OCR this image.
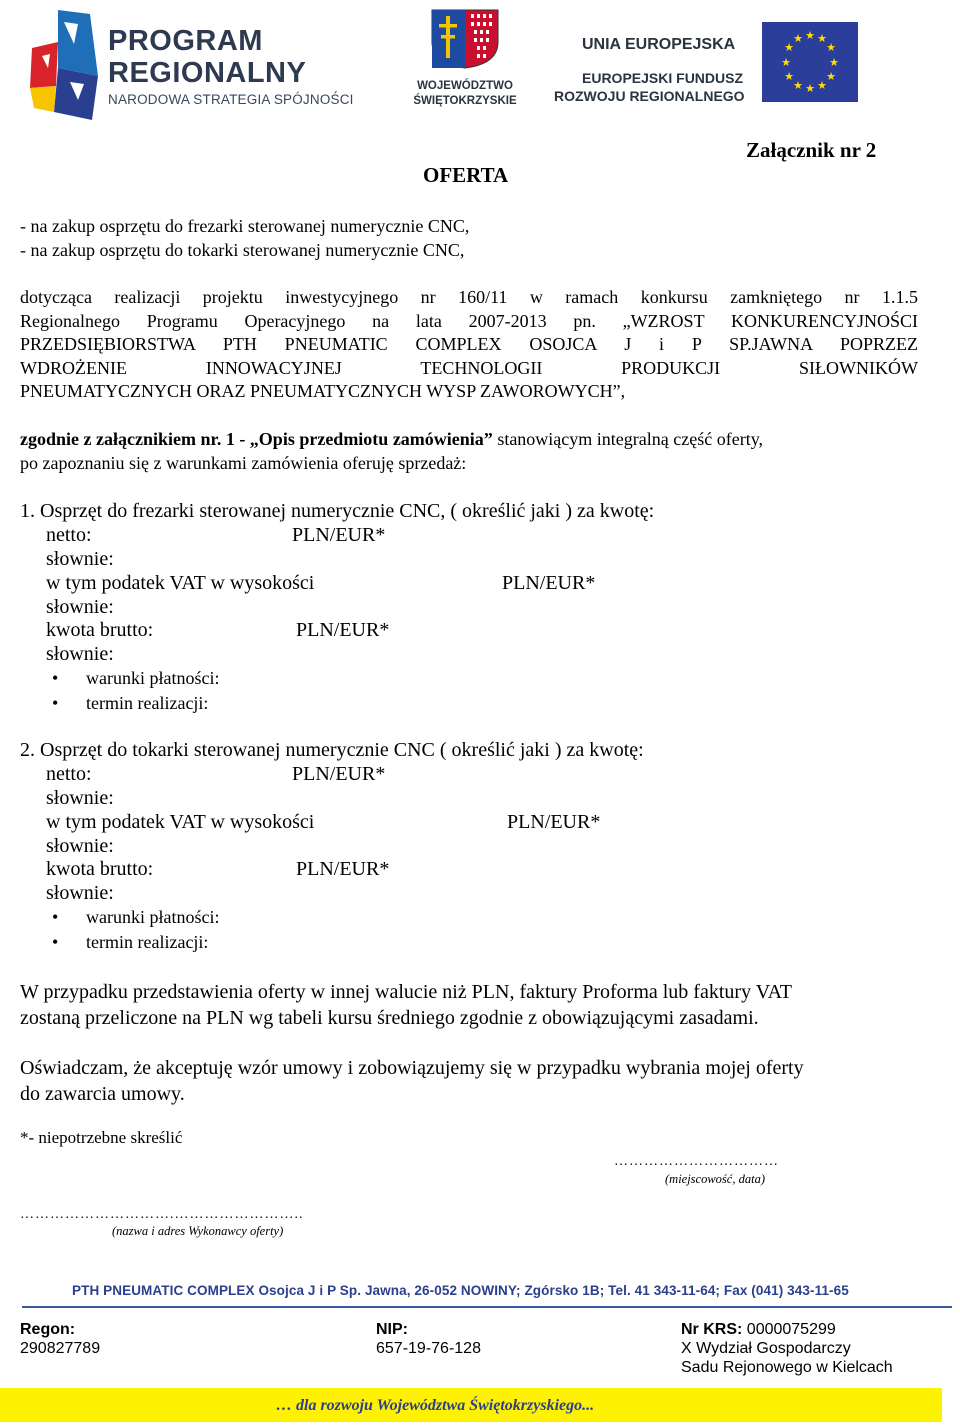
PROGRAM
REGIONALNY
NARODOWA STRATEGIA SPÓJNOŚCI
WOJEWÓDZTWO
ŚWIĘTOKRZYSKIE
UNIA EUROPEJSKA
EUROPEJSKI FUNDUSZ
ROZWOJU REGIONALNEGO
★ ★
★
★
★
★
★
★
★
★
★
★
Załącznik nr 2
OFERTA
- na zakup osprzętu do frezarki sterowanej numerycznie CNC,
- na zakup osprzętu do tokarki sterowanej numerycznie CNC,
dotycząca realizacji projektu inwestycyjnego nr 160/11 w ramach konkursu zamkniętego nr 1.1.5
Regionalnego Programu Operacyjnego na lata 2007-2013 pn. „WZROST KONKURENCYJNOŚCI
PRZEDSIĘBIORSTWA PTH PNEUMATIC COMPLEX OSOJCA J i P SP.JAWNA POPRZEZ
WDROŻENIE INNOWACYJNEJ TECHNOLOGII PRODUKCJI SIŁOWNIKÓW
PNEUMATYCZNYCH ORAZ PNEUMATYCZNYCH WYSP ZAWOROWYCH”,
zgodnie z załącznikiem nr. 1 - „Opis przedmiotu zamówienia” stanowiącym integralną część oferty,
po zapoznaniu się z warunkami zamówienia oferuję sprzedaż:
1. Osprzęt do frezarki sterowanej numerycznie CNC, ( określić jaki ) za kwotę:
netto:	PLN/EUR*
słownie:
w tym podatek VAT w wysokości	PLN/EUR*
słownie:
kwota brutto:	PLN/EUR*
słownie:
• warunki płatności:
• termin realizacji:
2. Osprzęt do tokarki sterowanej numerycznie CNC ( określić jaki ) za kwotę:
netto:	PLN/EUR*
słownie:
w tym podatek VAT w wysokości	PLN/EUR*
słownie:
kwota brutto:	PLN/EUR*
słownie:
• warunki płatności:
• termin realizacji:
W przypadku przedstawienia oferty w innej walucie niż PLN, faktury Proforma lub faktury VAT
zostaną przeliczone na PLN wg tabeli kursu średniego zgodnie z obowiązującymi zasadami.
Oświadczam, że akceptuję wzór umowy i zobowiązujemy się w przypadku wybrania mojej oferty
do zawarcia umowy.
*- niepotrzebne skreślić
……………………………
(miejscowość, data)
………………………….……………………..
(nazwa i adres Wykonawcy oferty)
PTH PNEUMATIC COMPLEX Osojca J i P Sp. Jawna, 26-052 NOWINY; Zgórsko 1B; Tel. 41 343-11-64; Fax (041) 343-11-65
Regon:
290827789
NIP:
657-19-76-128
Nr KRS: 0000075299
X Wydział Gospodarczy
Sadu Rejonowego w Kielcach
… dla rozwoju Województwa Świętokrzyskiego...
